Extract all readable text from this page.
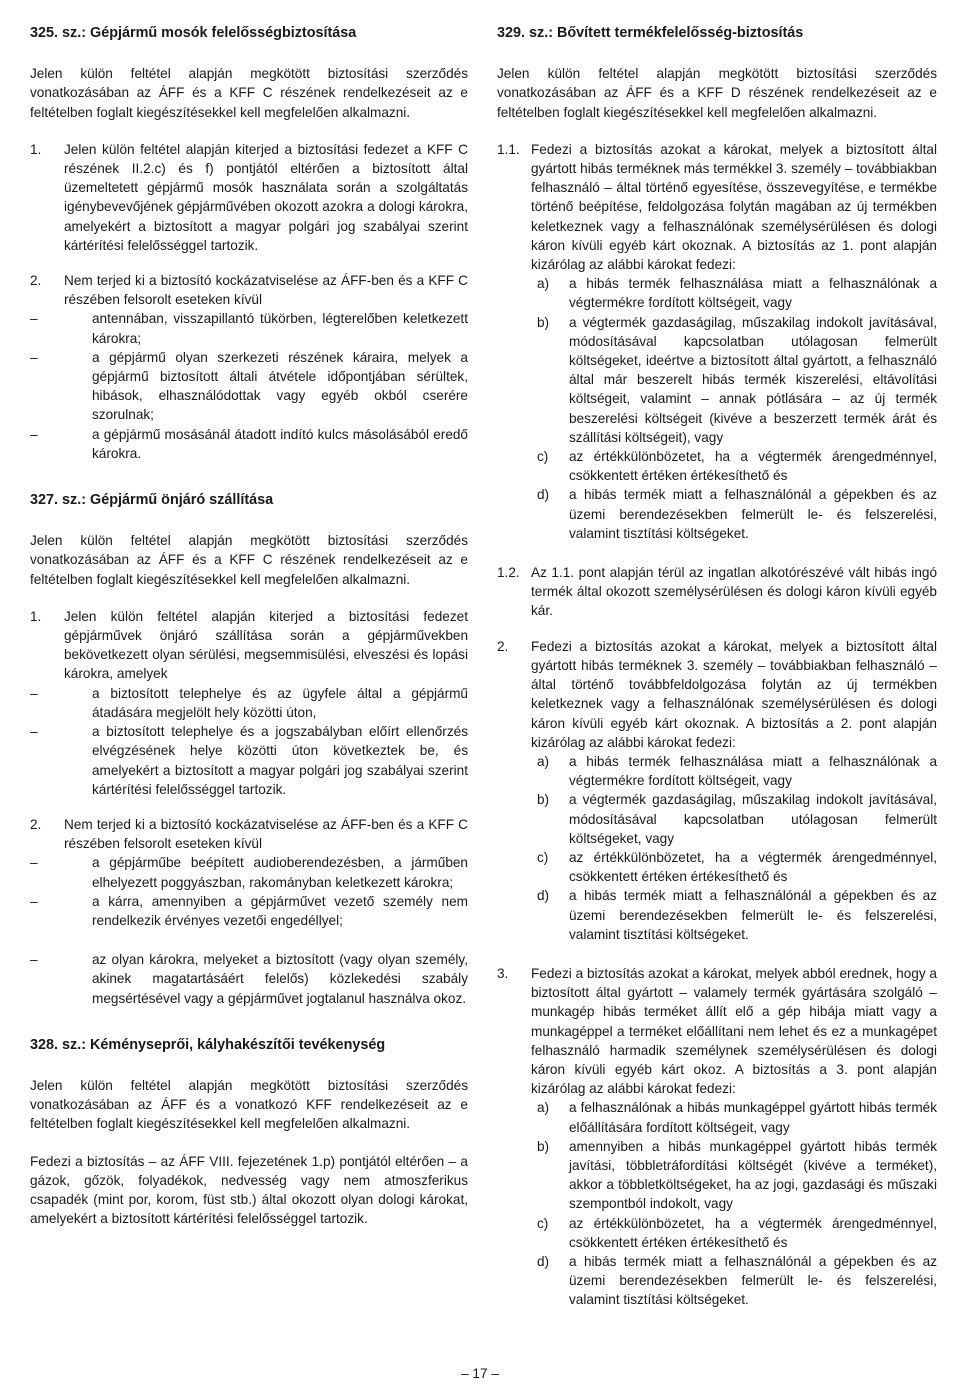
325. sz.: Gépjármű mosók felelősségbiztosítása
Jelen külön feltétel alapján megkötött biztosítási szerződés vonatkozásában az ÁFF és a KFF C részének rendelkezéseit az e feltételben foglalt kiegészítésekkel kell megfelelően alkalmazni.
1.	Jelen külön feltétel alapján kiterjed a biztosítási fedezet a KFF C részének II.2.c) és f) pontjától eltérően a biztosított által üzemeltetett gépjármű mosók használata során a szolgáltatás igénybevevőjének gépjárművében okozott azokra a dologi károkra, amelyekért a biztosított a magyar polgári jog szabályai szerint kártérítési felelősséggel tartozik.
2.	Nem terjed ki a biztosító kockázatviselése az ÁFF-ben és a KFF C részében felsorolt eseteken kívül
–	antennában, visszapillantó tükörben, légterelőben keletkezett károkra;
–	a gépjármű olyan szerkezeti részének káraira, melyek a gépjármű biztosított általi átvétele időpontjában sérültek, hibások, elhasználódottak vagy egyéb okból cserére szorulnak;
–	a gépjármű mosásánál átadott indító kulcs másolásából eredő károkra.
327. sz.: Gépjármű önjáró szállítása
Jelen külön feltétel alapján megkötött biztosítási szerződés vonatkozásában az ÁFF és a KFF C részének rendelkezéseit az e feltételben foglalt kiegészítésekkel kell megfelelően alkalmazni.
1.	Jelen külön feltétel alapján kiterjed a biztosítási fedezet gépjárművek önjáró szállítása során a gépjárművekben bekövetkezett olyan sérülési, megsemmisülési, elveszési és lopási károkra, amelyek
–	a biztosított telephelye és az ügyfele által a gépjármű átadására megjelölt hely közötti úton,
–	a biztosított telephelye és a jogszabályban előírt ellenőrzés elvégzésének helye közötti úton következtek be, és amelyekért a biztosított a magyar polgári jog szabályai szerint kártérítési felelősséggel tartozik.
2.	Nem terjed ki a biztosító kockázatviselése az ÁFF-ben és a KFF C részében felsorolt eseteken kívül
–	a gépjárműbe beépített audioberendezésben, a járműben elhelyezett poggyászban, rakományban keletkezett károkra;
–	a kárra, amennyiben a gépjárművet vezető személy nem rendelkezik érvényes vezetői engedéllyel;
–	az olyan károkra, melyeket a biztosított (vagy olyan személy, akinek magatartásáért felelős) közlekedési szabály megsértésével vagy a gépjárművet jogtalanul használva okoz.
328. sz.: Kéményseprői, kályhakészítői tevékenység
Jelen külön feltétel alapján megkötött biztosítási szerződés vonatkozásában az ÁFF és a vonatkozó KFF rendelkezéseit az e feltételben foglalt kiegészítésekkel kell megfelelően alkalmazni.
Fedezi a biztosítás – az ÁFF VIII. fejezetének 1.p) pontjától eltérően – a gázok, gőzök, folyadékok, nedvesség vagy nem atmoszferikus csapadék (mint por, korom, füst stb.) által okozott olyan dologi károkat, amelyekért a biztosított kártérítési felelősséggel tartozik.
329. sz.: Bővített termékfelelősség-biztosítás
Jelen külön feltétel alapján megkötött biztosítási szerződés vonatkozásában az ÁFF és a KFF D részének rendelkezéseit az e feltételben foglalt kiegészítésekkel kell megfelelően alkalmazni.
1.1. Fedezi a biztosítás azokat a károkat, melyek a biztosított által gyártott hibás terméknek más termékkel 3. személy – továbbiakban felhasználó – által történő egyesítése, összevegyítése, e termékbe történő beépítése, feldolgozása folytán magában az új termékben keletkeznek vagy a felhasználónak személysérülésen és dologi káron kívüli egyéb kárt okoznak. A biztosítás az 1. pont alapján kizárólag az alábbi károkat fedezi:
a)	a hibás termék felhasználása miatt a felhasználónak a végtermékre fordított költségeit, vagy
b)	a végtermék gazdaságilag, műszakilag indokolt javításával, módosításával kapcsolatban utólagosan felmerült költségeket, ideértve a biztosított által gyártott, a felhasználó által már beszerelt hibás termék kiszerelési, eltávolítási költségeit, valamint – annak pótlására – az új termék beszerelési költségeit (kivéve a beszerzett termék árát és szállítási költségeit), vagy
c)	az értékkülönbözetet, ha a végtermék árengedménnyel, csökkentett értéken értékesíthető és
d)	a hibás termék miatt a felhasználónál a gépekben és az üzemi berendezésekben felmerült le- és felszerelési, valamint tisztítási költségeket.
1.2. Az 1.1. pont alapján térül az ingatlan alkotórészévé vált hibás ingó termék által okozott személysérülésen és dologi káron kívüli egyéb kár.
2.	Fedezi a biztosítás azokat a károkat, melyek a biztosított által gyártott hibás terméknek 3. személy – továbbiakban felhasználó – által történő továbbfeldolgozása folytán az új termékben keletkeznek vagy a felhasználónak személysérülésen és dologi káron kívüli egyéb kárt okoznak. A biztosítás a 2. pont alapján kizárólag az alábbi károkat fedezi:
a)	a hibás termék felhasználása miatt a felhasználónak a végtermékre fordított költségeit, vagy
b)	a végtermék gazdaságilag, műszakilag indokolt javításával, módosításával kapcsolatban utólagosan felmerült költségeket, vagy
c)	az értékkülönbözetet, ha a végtermék árengedménnyel, csökkentett értéken értékesíthető és
d)	a hibás termék miatt a felhasználónál a gépekben és az üzemi berendezésekben felmerült le- és felszerelési, valamint tisztítási költségeket.
3.	Fedezi a biztosítás azokat a károkat, melyek abból erednek, hogy a biztosított által gyártott – valamely termék gyártására szolgáló – munkagép hibás terméket állít elő a gép hibája miatt vagy a munkagéppel a terméket előállítani nem lehet és ez a munkagépet felhasználó harmadik személynek személysérülésen és dologi káron kívüli egyéb kárt okoz. A biztosítás a 3. pont alapján kizárólag az alábbi károkat fedezi:
a)	a felhasználónak a hibás munkagéppel gyártott hibás termék előállítására fordított költségeit, vagy
b)	amennyiben a hibás munkagéppel gyártott hibás termék javítási, többletráfordítási költségét (kivéve a terméket), akkor a többletköltségeket, ha az jogi, gazdasági és műszaki szempontból indokolt, vagy
c)	az értékkülönbözetet, ha a végtermék árengedménnyel, csökkentett értéken értékesíthető és
d)	a hibás termék miatt a felhasználónál a gépekben és az üzemi berendezésekben felmerült le- és felszerelési, valamint tisztítási költségeket.
– 17 –
